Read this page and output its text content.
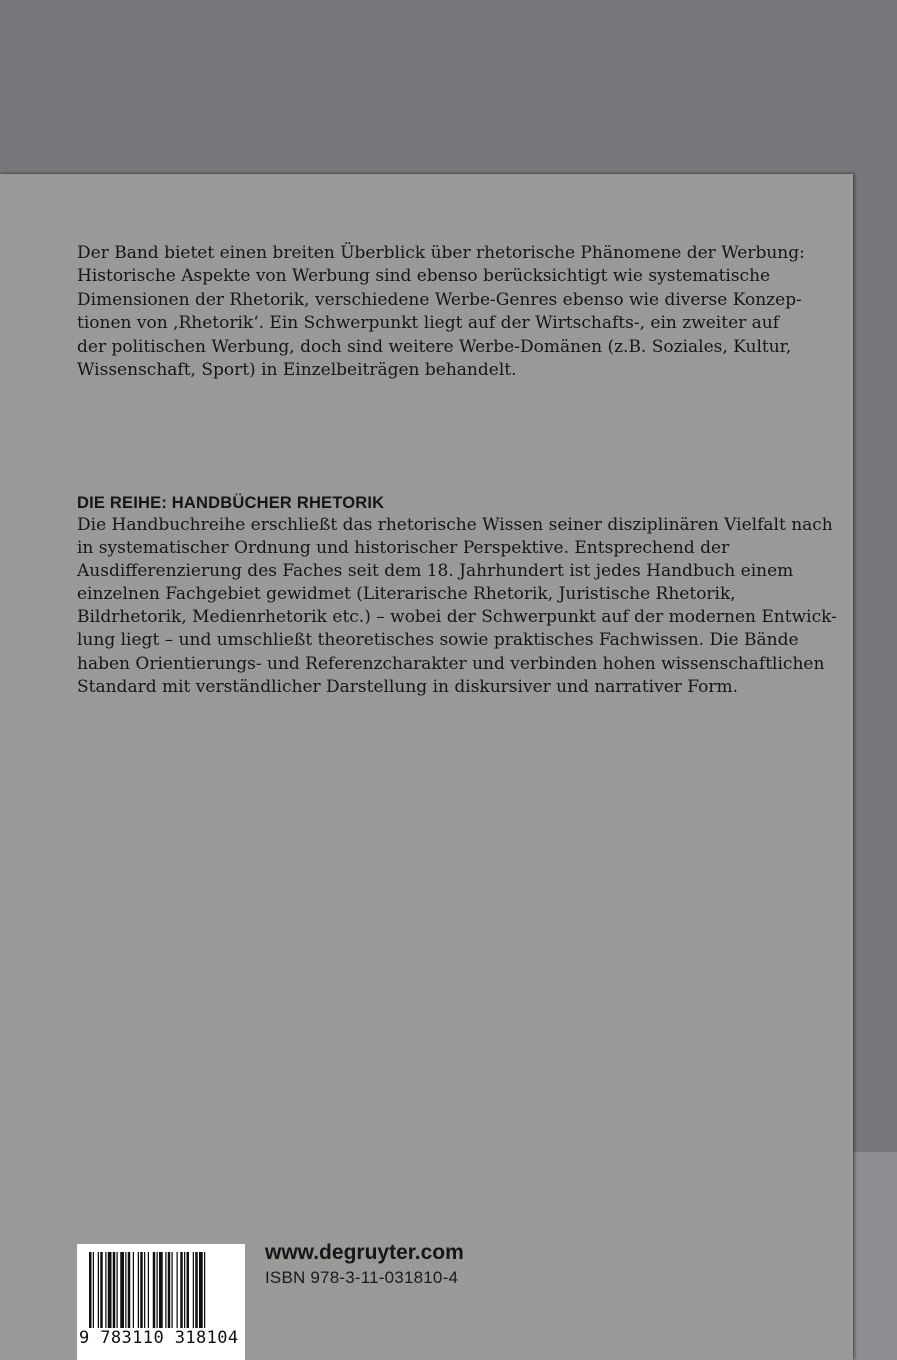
Der Band bietet einen breiten Überblick über rhetorische Phänomene der Werbung:
Historische Aspekte von Werbung sind ebenso berücksichtigt wie systematische
Dimensionen der Rhetorik, verschiedene Werbe-Genres ebenso wie diverse Konzep-
tionen von ‚Rhetorik‘. Ein Schwerpunkt liegt auf der Wirtschafts-, ein zweiter auf
der politischen Werbung, doch sind weitere Werbe-Domänen (z.B. Soziales, Kultur,
Wissenschaft, Sport) in Einzelbeiträgen behandelt.
DIE REIHE: HANDBÜCHER RHETORIK
Die Handbuchreihe erschließt das rhetorische Wissen seiner disziplinären Vielfalt nach
in systematischer Ordnung und historischer Perspektive. Entsprechend der
Ausdifferenzierung des Faches seit dem 18. Jahrhundert ist jedes Handbuch einem
einzelnen Fachgebiet gewidmet (Literarische Rhetorik, Juristische Rhetorik,
Bildrhetorik, Medienrhetorik etc.) – wobei der Schwerpunkt auf der modernen Entwick-
lung liegt – und umschließt theoretisches sowie praktisches Fachwissen. Die Bände
haben Orientierungs- und Referenzcharakter und verbinden hohen wissenschaftlichen
Standard mit verständlicher Darstellung in diskursiver und narrativer Form.
9 783110 318104
www.degruyter.com
ISBN 978-3-11-031810-4
